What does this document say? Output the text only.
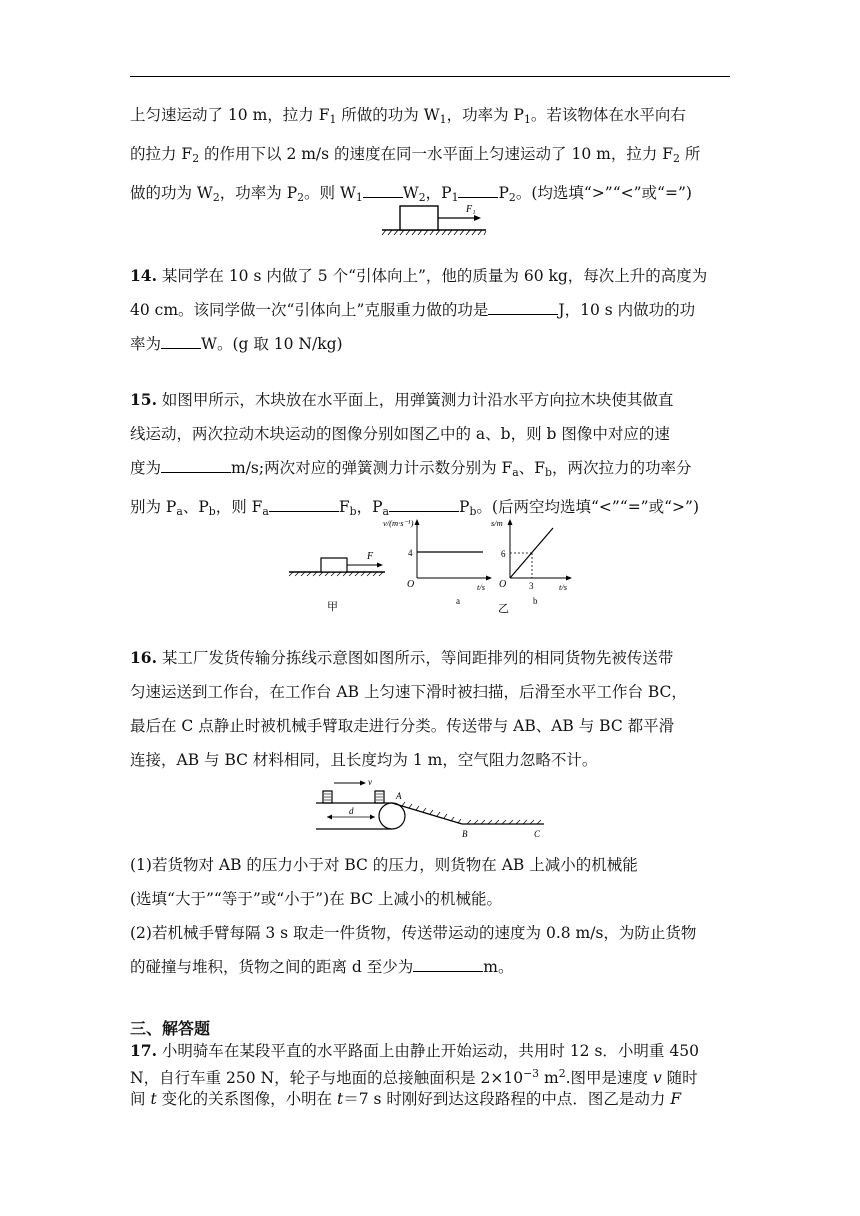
上匀速运动了 10 m，拉力 $F_1$ 所做的功为 $W_1$，功率为 $P_1$。若该物体在水平向右
的拉力 $F_2$ 的作用下以 2 m/s 的速度在同一水平面上匀速运动了 10 m，拉力 $F_2$ 所
做的功为 $W_2$，功率为 $P_2$。则 $W_1$	$W_2$，$P_1$	$P_2$。(均选填“>”“<”或“=”)
F₁
14. 某同学在 10 s 内做了 5 个“引体向上”，他的质量为 60 kg，每次上升的高度为
40 cm。该同学做一次“引体向上”克服重力做的功是	J，10 s 内做功的功
率为	W。(g 取 10 N/kg)
15. 如图甲所示，木块放在水平面上，用弹簧测力计沿水平方向拉木块使其做直
线运动，两次拉动木块运动的图像分别如图乙中的 a、b，则 b 图像中对应的速
度为	m/s;两次对应的弹簧测力计示数分别为 $F_a$、$F_b$，两次拉力的功率分
别为 $P_a$、$P_b$，则 $F_a$	$F_b$，$P_a$	$P_b$。(后两空均选填“<”“=”或“>”)
F
甲
v/(m·s⁻¹)
4
O	t/s
a
s/m
6
O	3	t/s
b
乙
16. 某工厂发货传输分拣线示意图如图所示，等间距排列的相同货物先被传送带
匀速运送到工作台，在工作台 AB 上匀速下滑时被扫描，后滑至水平工作台 BC，
最后在 C 点静止时被机械手臂取走进行分类。传送带与 AB、AB 与 BC 都平滑
连接，AB 与 BC 材料相同，且长度均为 1 m，空气阻力忽略不计。
v
d
A
B	C
(1)若货物对 AB 的压力小于对 BC 的压力，则货物在 AB 上减小的机械能
(选填“大于”“等于”或“小于”)在 BC 上减小的机械能。
(2)若机械手臂每隔 3 s 取走一件货物，传送带运动的速度为 0.8 m/s，为防止货物
的碰撞与堆积，货物之间的距离 d 至少为	m。
三、解答题
17. 小明骑车在某段平直的水平路面上由静止开始运动，共用时 12 s．小明重 450
N，自行车重 250 N，轮子与地面的总接触面积是 $2\times 10^{-3}$ $m^2$.图甲是速度 v 随时
间 t 变化的关系图像，小明在 t＝7 s 时刚好到达这段路程的中点．图乙是动力 F
